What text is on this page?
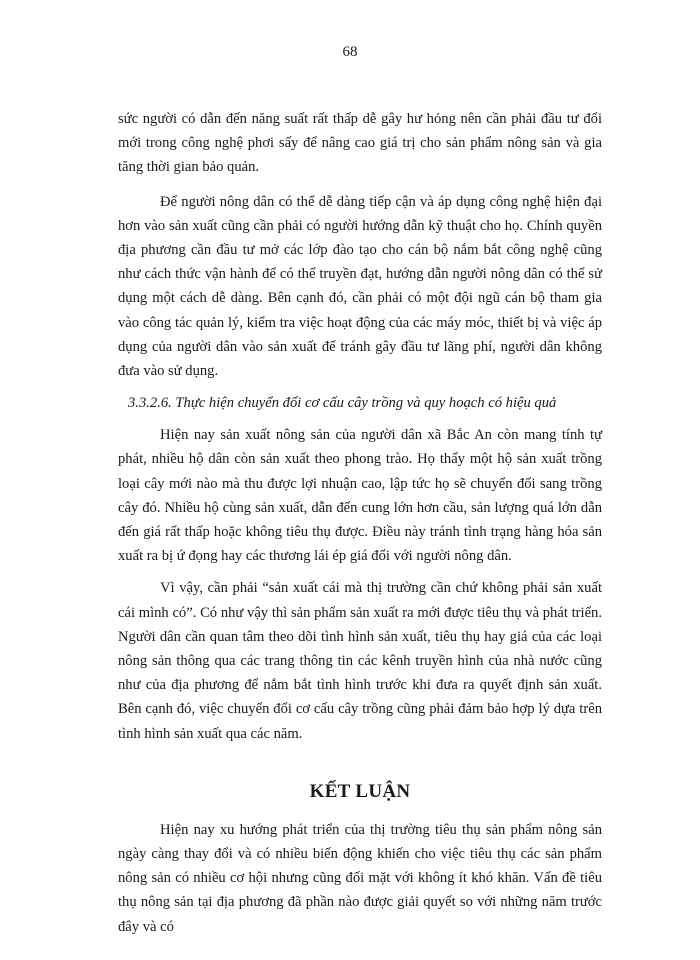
68

sức người có dẫn đến năng suất rất thấp dễ gây hư hỏng nên cần phải đầu tư đổi mới trong công nghệ phơi sấy để nâng cao giá trị cho sản phẩm nông sản và gia tăng thời gian bảo quản.

Để người nông dân có thể dễ dàng tiếp cận và áp dụng công nghệ hiện đại hơn vào sản xuất cũng cần phải có người hướng dẫn kỹ thuật cho họ. Chính quyền địa phương cần đầu tư mở các lớp đào tạo cho cán bộ nắm bắt công nghệ cũng như cách thức vận hành để có thể truyền đạt, hướng dẫn người nông dân có thể sử dụng một cách dễ dàng. Bên cạnh đó, cần phải có một đội ngũ cán bộ tham gia vào công tác quản lý, kiểm tra việc hoạt động của các máy móc, thiết bị và việc áp dụng của người dân vào sản xuất để tránh gây đầu tư lãng phí, người dân không đưa vào sử dụng.

3.3.2.6. Thực hiện chuyển đổi cơ cấu cây trồng và quy hoạch có hiệu quả

Hiện nay sản xuất nông sản của người dân xã Bắc An còn mang tính tự phát, nhiều hộ dân còn sản xuất theo phong trào. Họ thấy một hộ sản xuất trồng loại cây mới nào mà thu được lợi nhuận cao, lập tức họ sẽ chuyển đổi sang trồng cây đó. Nhiều hộ cùng sản xuất, dẫn đến cung lớn hơn cầu, sản lượng quá lớn dẫn đến giá rất thấp hoặc không tiêu thụ được. Điều này tránh tình trạng hàng hóa sản xuất ra bị ứ đọng hay các thương lái ép giá đối với người nông dân.

Vì vậy, cần phải “sản xuất cái mà thị trường cần chứ không phải sản xuất cái mình có”. Có như vậy thì sản phẩm sản xuất ra mới được tiêu thụ và phát triển. Người dân cần quan tâm theo dõi tình hình sản xuất, tiêu thụ hay giá của các loại nông sản thông qua các trang thông tin các kênh truyền hình của nhà nước cũng như của địa phương để nắm bắt tình hình trước khi đưa ra quyết định sản xuất. Bên cạnh đó, việc chuyển đổi cơ cấu cây trồng cũng phải đảm bảo hợp lý dựa trên tình hình sản xuất qua các năm.

KẾT LUẬN

Hiện nay xu hướng phát triển của thị trường tiêu thụ sản phẩm nông sản ngày càng thay đổi và có nhiều biến động khiến cho việc tiêu thụ các sản phẩm nông sản có nhiều cơ hội nhưng cũng đối mặt với không ít khó khăn. Vấn đề tiêu thụ nông sản tại địa phương đã phần nào được giải quyết so với những năm trước đây và có
